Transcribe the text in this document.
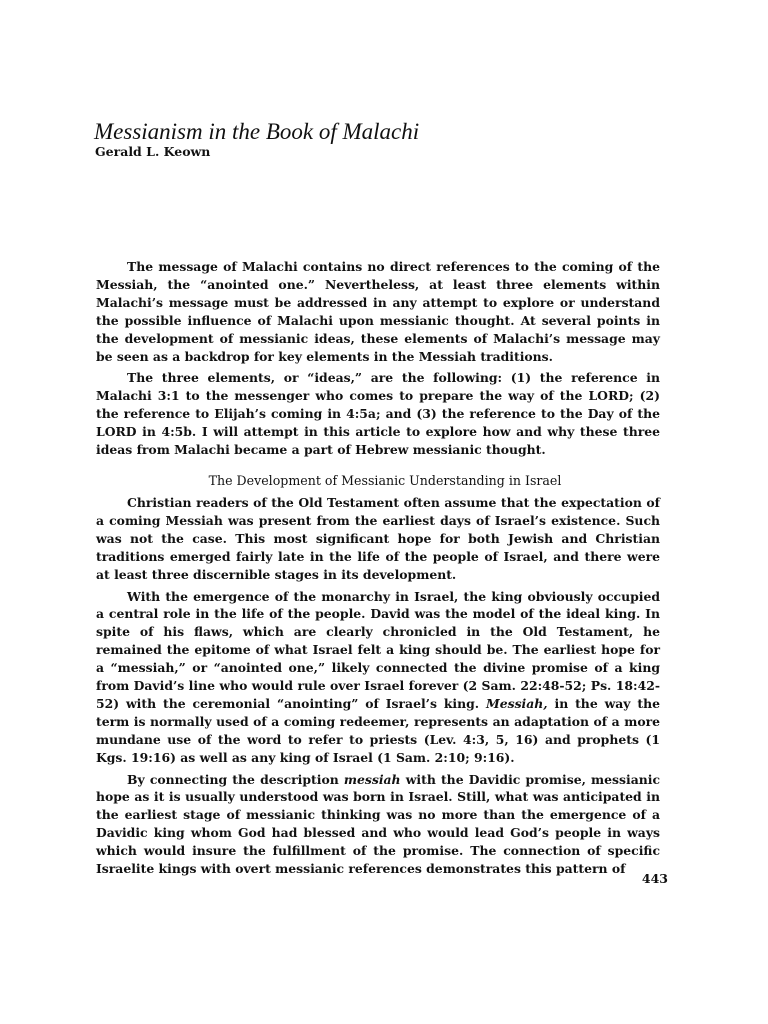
Messianism in the Book of Malachi
Gerald L. Keown

The message of Malachi contains no direct references to the coming of the Messiah, the “anointed one.” Nevertheless, at least three elements within Malachi’s message must be addressed in any attempt to explore or understand the possible influence of Malachi upon messianic thought. At several points in the development of messianic ideas, these elements of Malachi’s message may be seen as a backdrop for key elements in the Messiah traditions.

The three elements, or “ideas,” are the following: (1) the reference in Malachi 3:1 to the messenger who comes to prepare the way of the LORD; (2) the reference to Elijah’s coming in 4:5a; and (3) the reference to the Day of the LORD in 4:5b. I will attempt in this article to explore how and why these three ideas from Malachi became a part of Hebrew messianic thought.

The Development of Messianic Understanding in Israel

Christian readers of the Old Testament often assume that the expectation of a coming Messiah was present from the earliest days of Israel’s existence. Such was not the case. This most significant hope for both Jewish and Christian traditions emerged fairly late in the life of the people of Israel, and there were at least three discernible stages in its development.

With the emergence of the monarchy in Israel, the king obviously occupied a central role in the life of the people. David was the model of the ideal king. In spite of his flaws, which are clearly chronicled in the Old Testament, he remained the epitome of what Israel felt a king should be. The earliest hope for a “messiah,” or “anointed one,” likely connected the divine promise of a king from David’s line who would rule over Israel forever (2 Sam. 22:48-52; Ps. 18:42-52) with the ceremonial “anointing” of Israel’s king. Messiah, in the way the term is normally used of a coming redeemer, represents an adaptation of a more mundane use of the word to refer to priests (Lev. 4:3, 5, 16) and prophets (1 Kgs. 19:16) as well as any king of Israel (1 Sam. 2:10; 9:16).

By connecting the description messiah with the Davidic promise, messianic hope as it is usually understood was born in Israel. Still, what was anticipated in the earliest stage of messianic thinking was no more than the emergence of a Davidic king whom God had blessed and who would lead God’s people in ways which would insure the fulfillment of the promise. The connection of specific Israelite kings with overt messianic references demonstrates this pattern of

443
